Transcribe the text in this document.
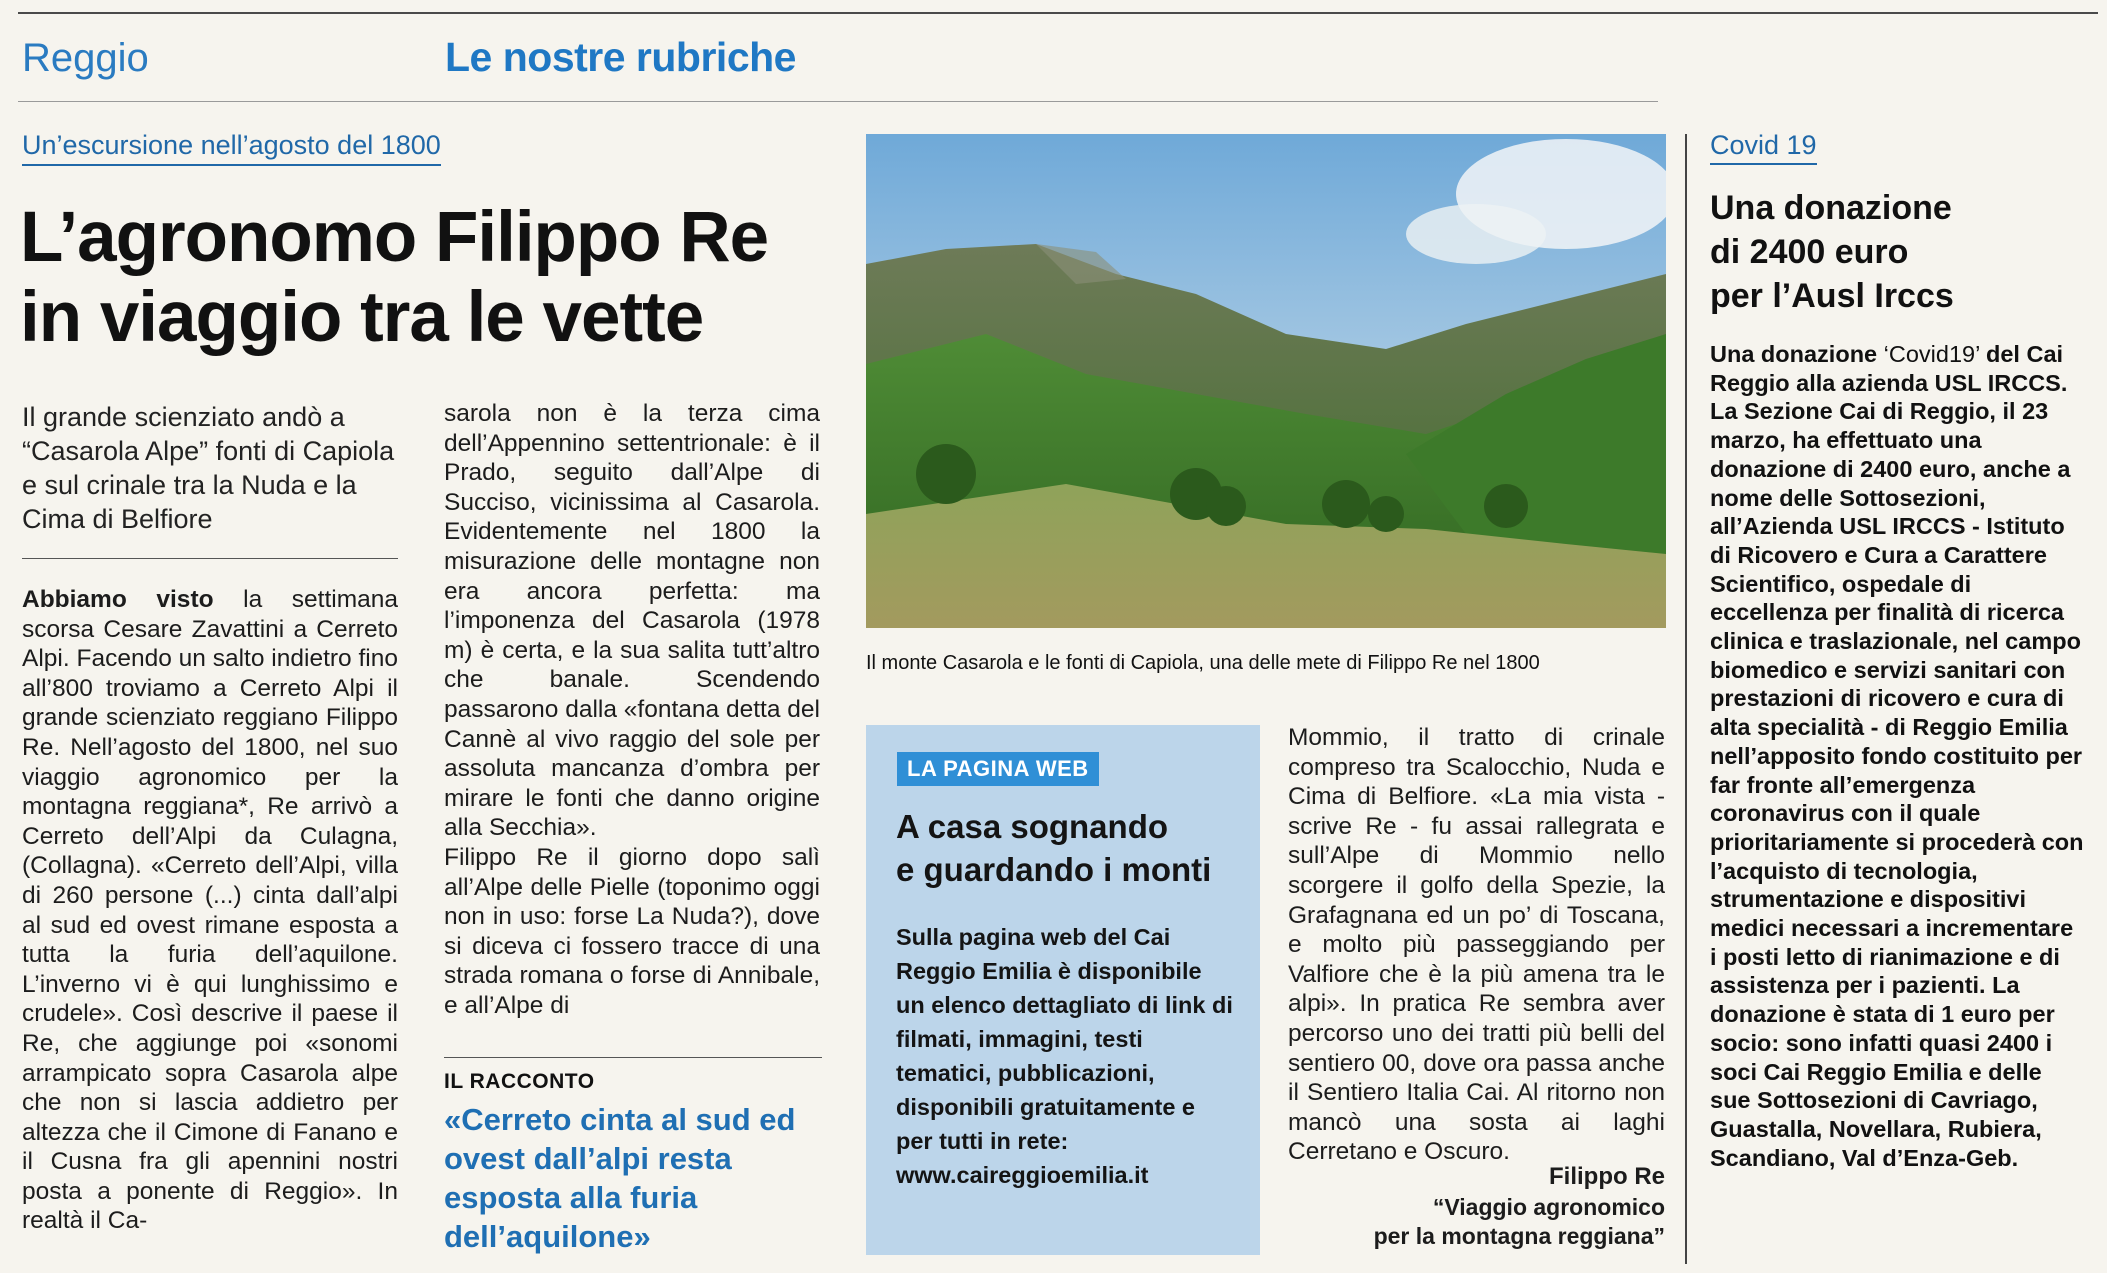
Reggio	Le nostre rubriche
Un’escursione nell’agosto del 1800
L’agronomo Filippo Re
in viaggio tra le vette
Il grande scienziato andò a “Casarola Alpe” fonti di Capiola e sul crinale tra la Nuda e la Cima di Belfiore

Abbiamo visto la settimana scorsa Cesare Zavattini a Cerreto Alpi. Facendo un salto indietro fino all’800 troviamo a Cerreto Alpi il grande scienziato reggiano Filippo Re. Nell’agosto del 1800, nel suo viaggio agronomico per la montagna reggiana*, Re arrivò a Cerreto dell’Alpi da Culagna, (Collagna). «Cerreto dell’Alpi, villa di 260 persone (...) cinta dall’alpi al sud ed ovest rimane esposta a tutta la furia dell’aquilone. L’inverno vi è qui lunghissimo e crudele». Così descrive il paese il Re, che aggiunge poi «sonomi arrampicato sopra Casarola alpe che non si lascia addietro per altezza che il Cimone di Fanano e il Cusna fra gli apennini nostri posta a ponente di Reggio». In realtà il Ca-

sarola non è la terza cima dell’Appennino settentrionale: è il Prado, seguito dall’Alpe di Succiso, vicinissima al Casarola. Evidentemente nel 1800 la misurazione delle montagne non era ancora perfetta: ma l’imponenza del Casarola (1978 m) è certa, e la sua salita tutt’altro che banale. Scendendo passarono dalla «fontana detta del Cannè al vivo raggio del sole per assoluta mancanza d’ombra per mirare le fonti che danno origine alla Secchia».
Filippo Re il giorno dopo salì all’Alpe delle Pielle (toponimo oggi non in uso: forse La Nuda?), dove si diceva ci fossero tracce di una strada romana o forse di Annibale, e all’Alpe di
IL RACCONTO
«Cerreto cinta al sud ed ovest dall’alpi resta esposta alla furia dell’aquilone»
Il monte Casarola e le fonti di Capiola, una delle mete di Filippo Re nel 1800
LA PAGINA WEB
A casa sognando
e guardando i monti
Sulla pagina web del Cai Reggio Emilia è disponibile un elenco dettagliato di link di filmati, immagini, testi tematici, pubblicazioni, disponibili gratuitamente e per tutti in rete:
www.caireggioemilia.it

Mommio, il tratto di crinale compreso tra Scalocchio, Nuda e Cima di Belfiore. «La mia vista - scrive Re - fu assai rallegrata e sull’Alpe di Mommio nello scorgere il golfo della Spezie, la Grafagnana ed un po’ di Toscana, e molto più passeggiando per Valfiore che è la più amena tra le alpi». In pratica Re sembra aver percorso uno dei tratti più belli del sentiero 00, dove ora passa anche il Sentiero Italia Cai. Al ritorno non mancò una sosta ai laghi Cerretano e Oscuro.

Filippo Re
“Viaggio agronomico
per la montagna reggiana”
Covid 19
Una donazione
di 2400 euro
per l’Ausl Irccs

Una donazione ‘Covid19’ del Cai Reggio alla azienda USL IRCCS. La Sezione Cai di Reggio, il 23 marzo, ha effettuato una donazione di 2400 euro, anche a nome delle Sottosezioni, all’Azienda USL IRCCS - Istituto di Ricovero e Cura a Carattere Scientifico, ospedale di eccellenza per finalità di ricerca clinica e traslazionale, nel campo biomedico e servizi sanitari con prestazioni di ricovero e cura di alta specialità - di Reggio Emilia nell’apposito fondo costituito per far fronte all’emergenza coronavirus con il quale prioritariamente si procederà con l’acquisto di tecnologia, strumentazione e dispositivi medici necessari a incrementare i posti letto di rianimazione e di assistenza per i pazienti. La donazione è stata di 1 euro per socio: sono infatti quasi 2400 i soci Cai Reggio Emilia e delle sue Sottosezioni di Cavriago, Guastalla, Novellara, Rubiera, Scandiano, Val d’Enza-Geb.
